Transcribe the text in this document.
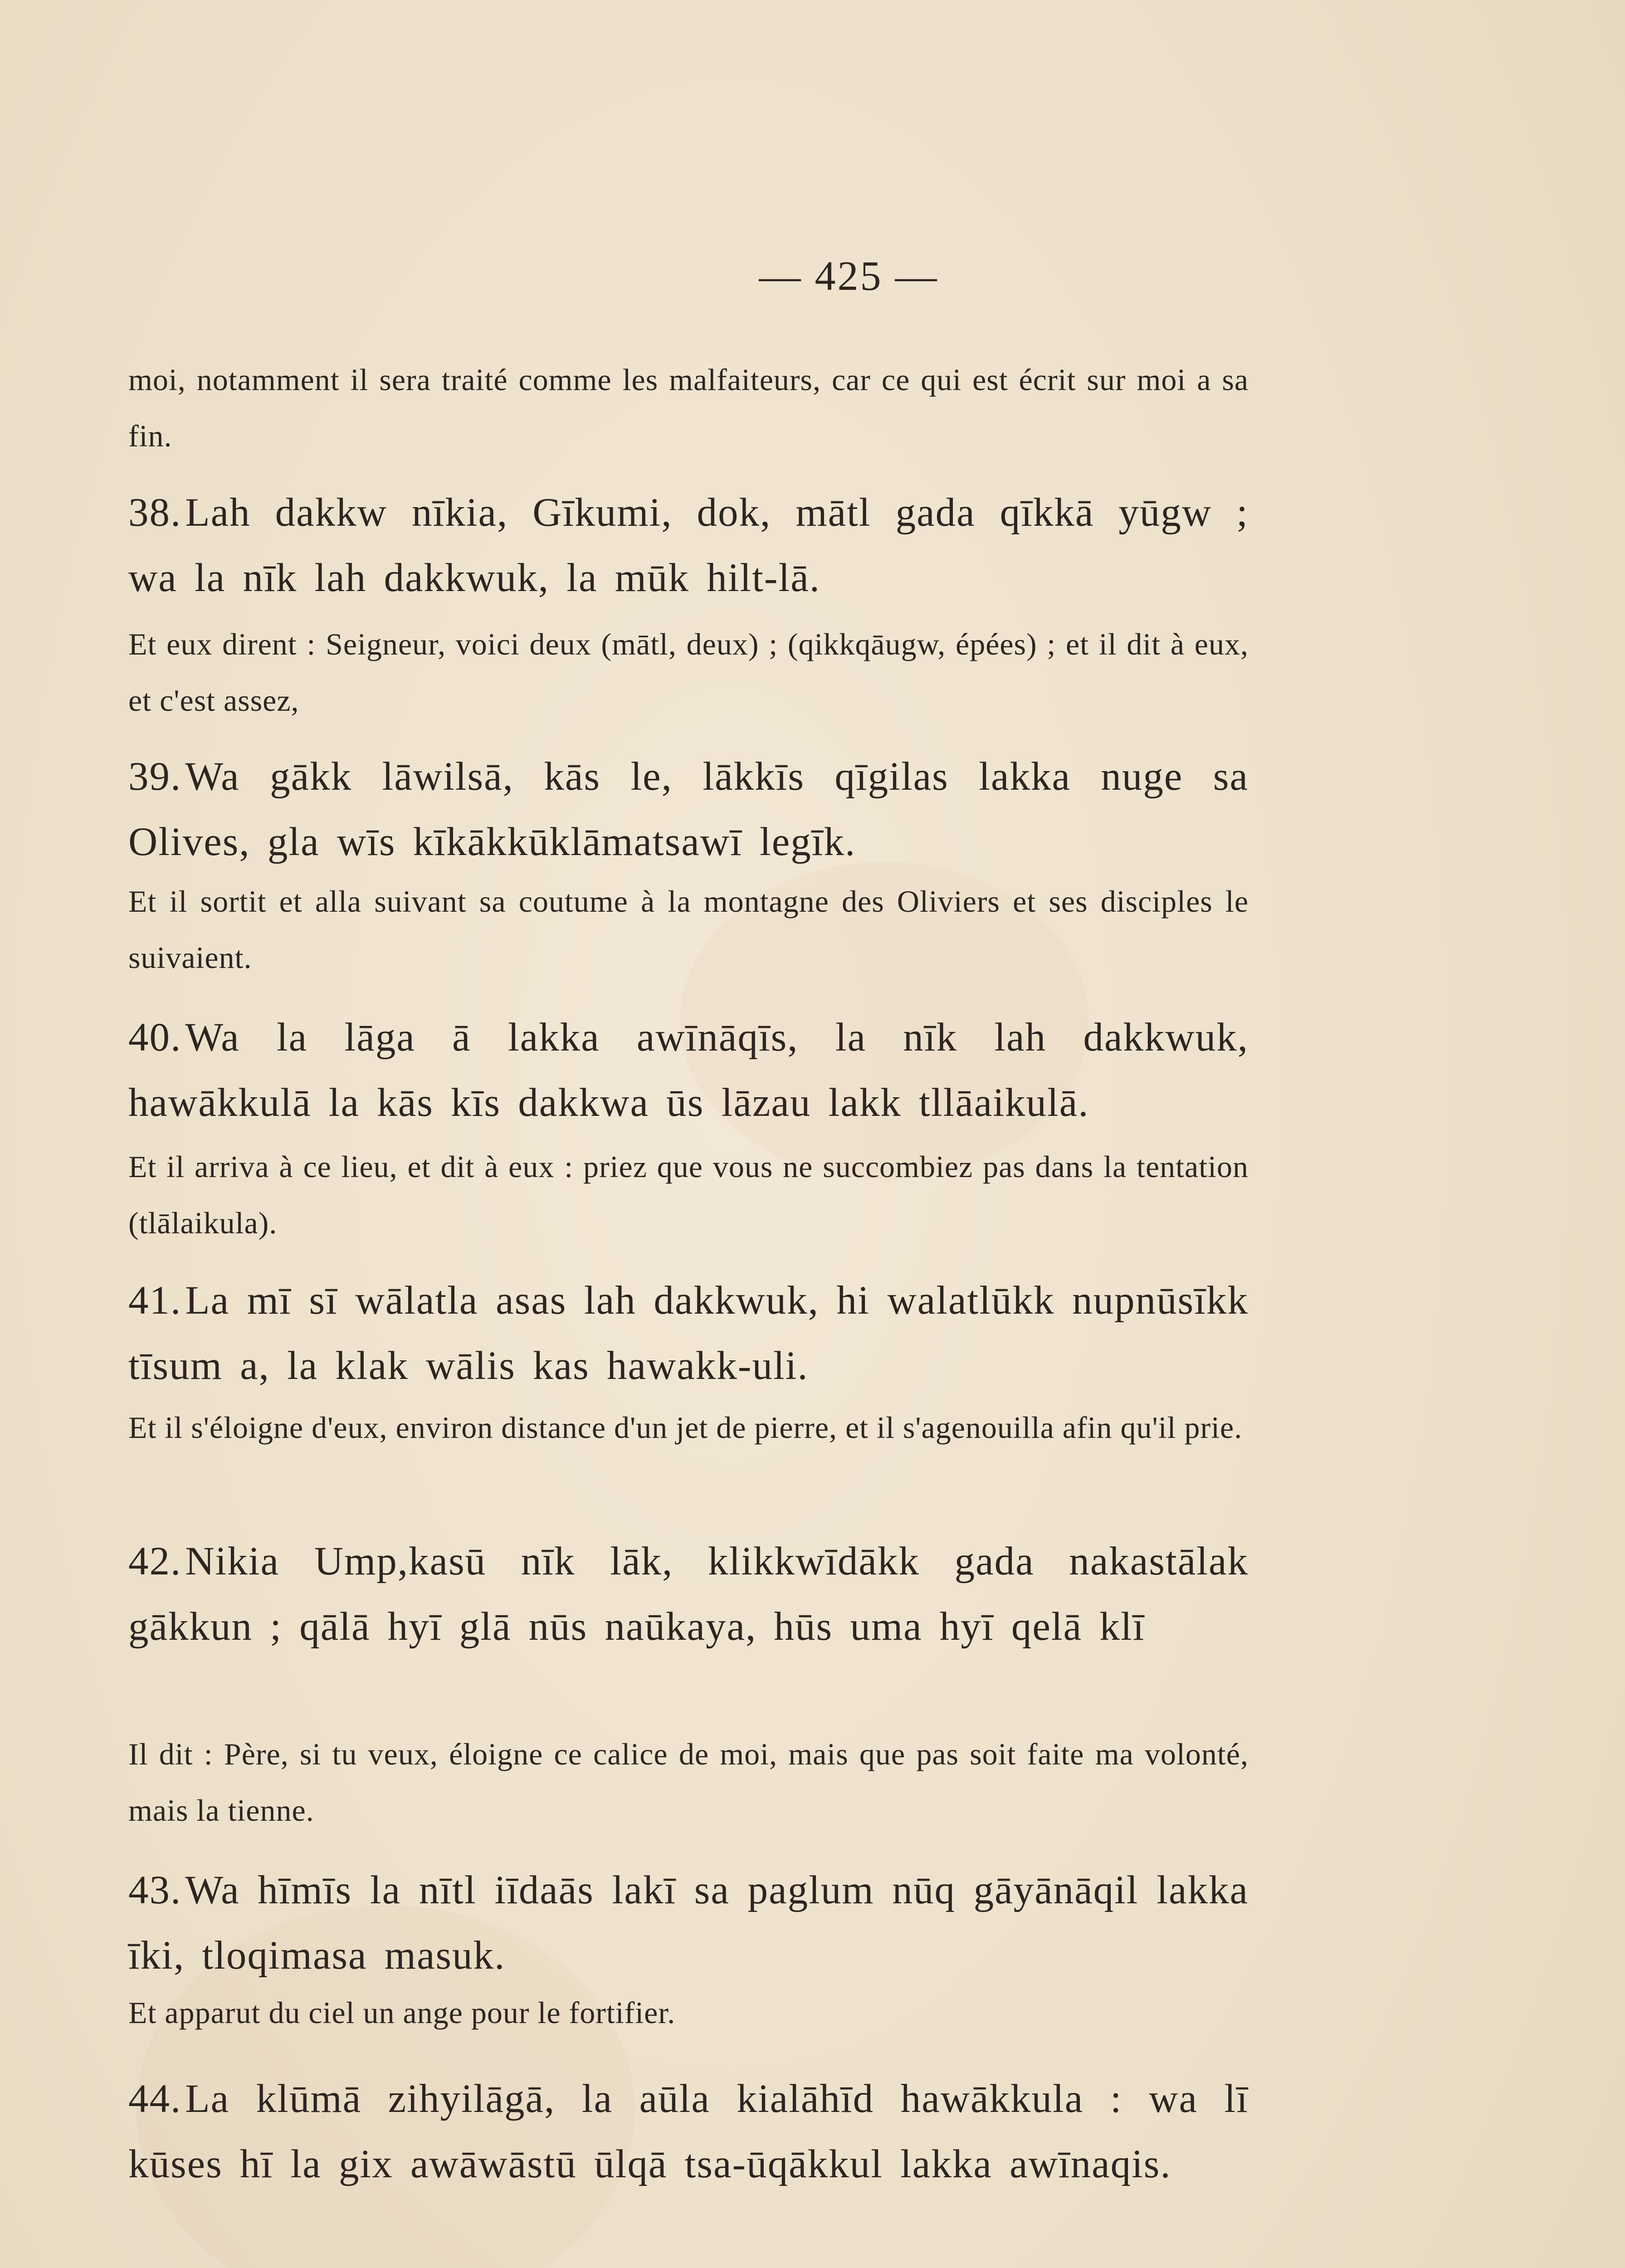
— 425 —

moi, notamment il sera traité comme les malfaiteurs, car ce qui est écrit sur moi a sa fin.

38.Lah dakkw nīkia, Gīkumi, dok, mātl gada qīkkā yūgw ; wa la nīk lah dakkwuk, la mūk hilt-lā.

Et eux dirent : Seigneur, voici deux (mātl, deux) ; (qikkqāugw, épées) ; et il dit à eux, et c'est assez,

39.Wa gākk lāwilsā, kās le, lākkīs qīgilas lakka nuge sa Olives, gla wīs kīkākkūklāmatsawī legīk.

Et il sortit et alla suivant sa coutume à la montagne des Oliviers et ses disciples le suivaient.

40.Wa la lāga ā lakka awīnāqīs, la nīk lah dakkwuk, hawākkulā la kās kīs dakkwa ūs lāzau lakk tllāaikulā.

Et il arriva à ce lieu, et dit à eux : priez que vous ne succombiez pas dans la tentation (tlālaikula).

41.La mī sī wālatla asas lah dakkwuk, hi walatlūkk nupnūsīkk tīsum a, la klak wālis kas hawakk-uli.

Et il s'éloigne d'eux, environ distance d'un jet de pierre, et il s'agenouilla afin qu'il prie.

42.Nikia Ump,kasū nīk lāk, klikkwīdākk gada nakastālak gākkun ; qālā hyī glā nūs naūkaya, hūs uma hyī qelā klī

Il dit : Père, si tu veux, éloigne ce calice de moi, mais que pas soit faite ma volonté, mais la tienne.

43.Wa hīmīs la nītl iīdaās lakī sa paglum nūq gāyānāqil lakka īki, tloqimasa masuk.

Et apparut du ciel un ange pour le fortifier.

44.La klūmā zihyilāgā, la aūla kialāhīd hawākkula : wa lī kūses hī la gix awāwāstū ūlqā tsa-ūqākkul lakka awīnaqis.
